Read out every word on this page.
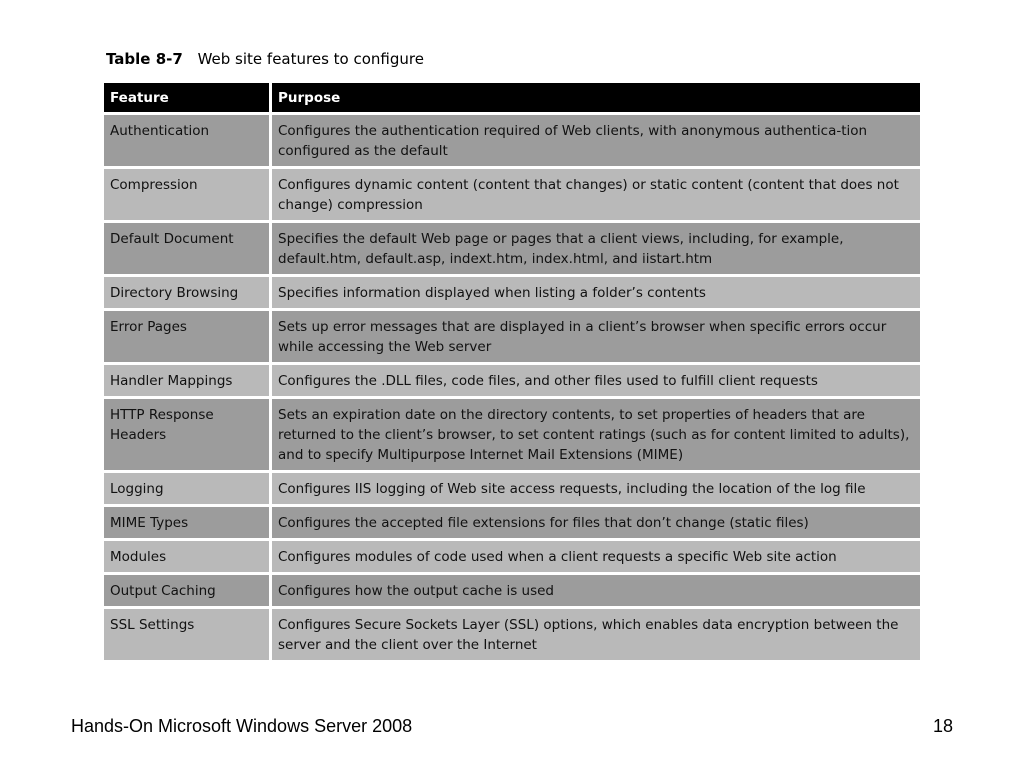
Table 8-7 Web site features to configure
Feature	Purpose
Authentication	Configures the authentication required of Web clients, with anonymous authentica-tion configured as the default
Compression	Configures dynamic content (content that changes) or static content (content that does not change) compression
Default Document	Specifies the default Web page or pages that a client views, including, for example, default.htm, default.asp, indext.htm, index.html, and iistart.htm
Directory Browsing	Specifies information displayed when listing a folder’s contents
Error Pages	Sets up error messages that are displayed in a client’s browser when specific errors occur while accessing the Web server
Handler Mappings	Configures the .DLL files, code files, and other files used to fulfill client requests
HTTP Response Headers	Sets an expiration date on the directory contents, to set properties of headers that are returned to the client’s browser, to set content ratings (such as for content limited to adults), and to specify Multipurpose Internet Mail Extensions (MIME)
Logging	Configures IIS logging of Web site access requests, including the location of the log file
MIME Types	Configures the accepted file extensions for files that don’t change (static files)
Modules	Configures modules of code used when a client requests a specific Web site action
Output Caching	Configures how the output cache is used
SSL Settings	Configures Secure Sockets Layer (SSL) options, which enables data encryption between the server and the client over the Internet
Hands-On Microsoft Windows Server 2008	18
